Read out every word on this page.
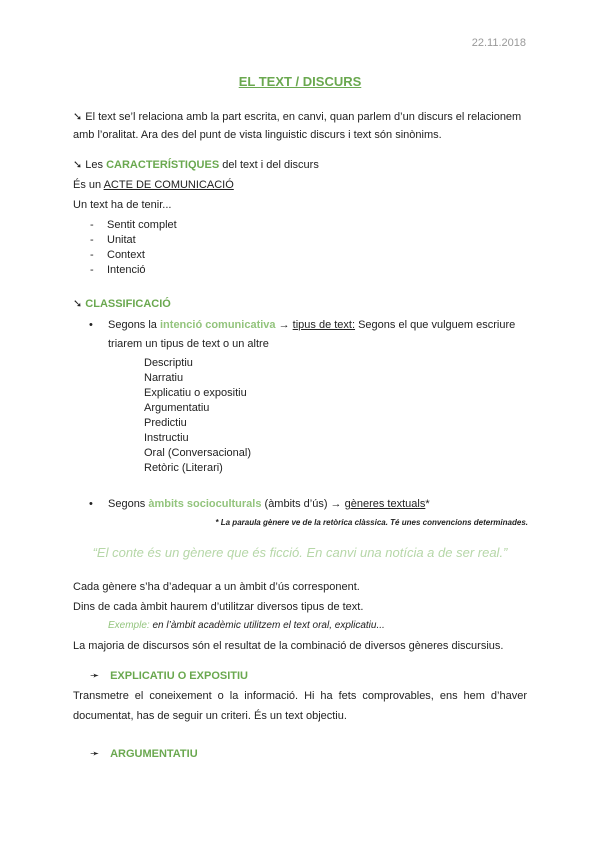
22.11.2018
EL TEXT / DISCURS
➘ El text se’l relaciona amb la part escrita, en canvi, quan parlem d’un discurs el relacionem
amb l’oralitat. Ara des del punt de vista linguistic discurs i text són sinònims.
➘ Les CARACTERÍSTIQUES del text i del discurs
És un ACTE DE COMUNICACIÓ
Un text ha de tenir...
- Sentit complet
- Unitat
- Context
- Intenció
➘ CLASSIFICACIÓ
• Segons la intenció comunicativa → tipus de text: Segons el que vulguem escriure
triarem un tipus de text o un altre
Descriptiu
Narratiu
Explicatiu o expositiu
Argumentatiu
Predictiu
Instructiu
Oral (Conversacional)
Retòric (Literari)
• Segons àmbits socioculturals (àmbits d’ús) → gèneres textuals*
* La paraula gènere ve de la retòrica clàssica. Té unes convencions determinades.
“El conte és un gènere que és ficció. En canvi una notícia a de ser real.”
Cada gènere s’ha d’adequar a un àmbit d’ús corresponent.
Dins de cada àmbit haurem d’utilitzar diversos tipus de text.
Exemple: en l’àmbit acadèmic utilitzem el text oral, explicatiu...
La majoria de discursos són el resultat de la combinació de diversos gèneres discursius.
➛ EXPLICATIU O EXPOSITIU
Transmetre el coneixement o la informació. Hi ha fets comprovables, ens hem d’haver
documentat, has de seguir un criteri. És un text objectiu.
➛ ARGUMENTATIU
